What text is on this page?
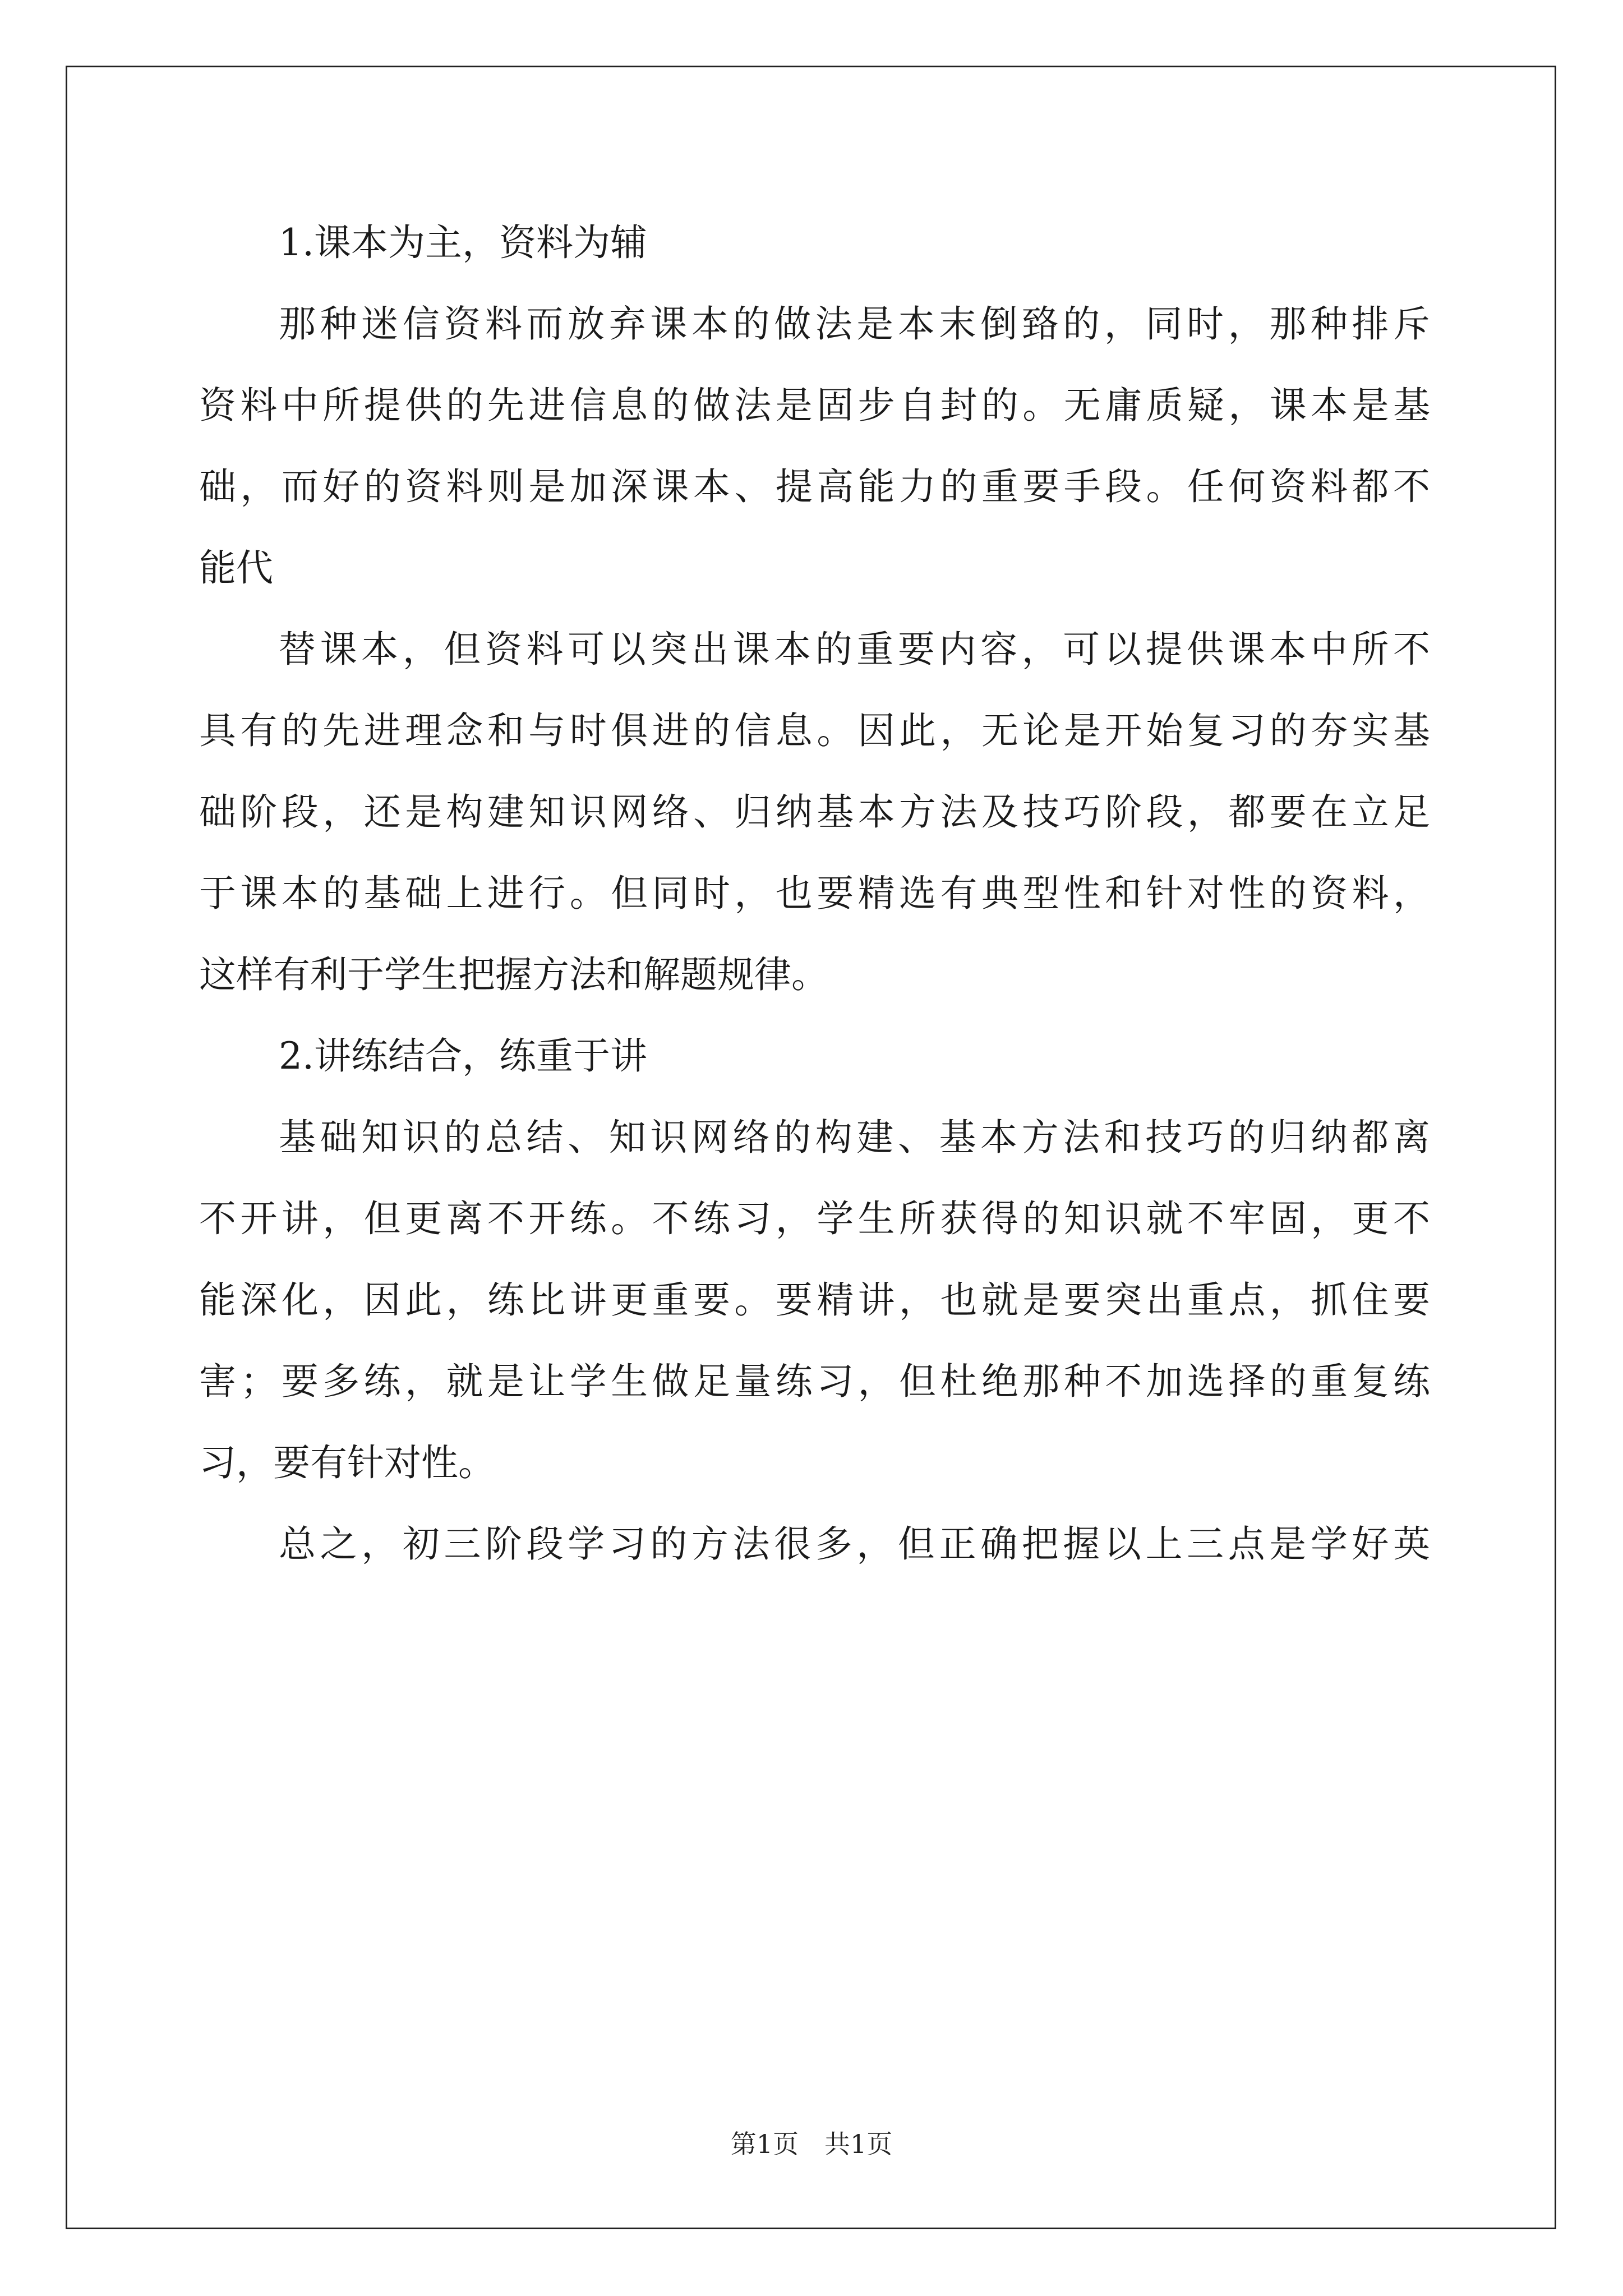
1.课本为主，资料为辅
那种迷信资料而放弃课本的做法是本末倒臵的，同时，那种排斥
资料中所提供的先进信息的做法是固步自封的。无庸质疑，课本是基
础，而好的资料则是加深课本、提高能力的重要手段。任何资料都不
能代
替课本，但资料可以突出课本的重要内容，可以提供课本中所不
具有的先进理念和与时俱进的信息。因此，无论是开始复习的夯实基
础阶段，还是构建知识网络、归纳基本方法及技巧阶段，都要在立足
于课本的基础上进行。但同时，也要精选有典型性和针对性的资料，
这样有利于学生把握方法和解题规律。
2.讲练结合，练重于讲
基础知识的总结、知识网络的构建、基本方法和技巧的归纳都离
不开讲，但更离不开练。不练习，学生所获得的知识就不牢固，更不
能深化，因此，练比讲更重要。要精讲，也就是要突出重点，抓住要
害；要多练，就是让学生做足量练习，但杜绝那种不加选择的重复练
习，要有针对性。
总之，初三阶段学习的方法很多，但正确把握以上三点是学好英
第1页　共1页
